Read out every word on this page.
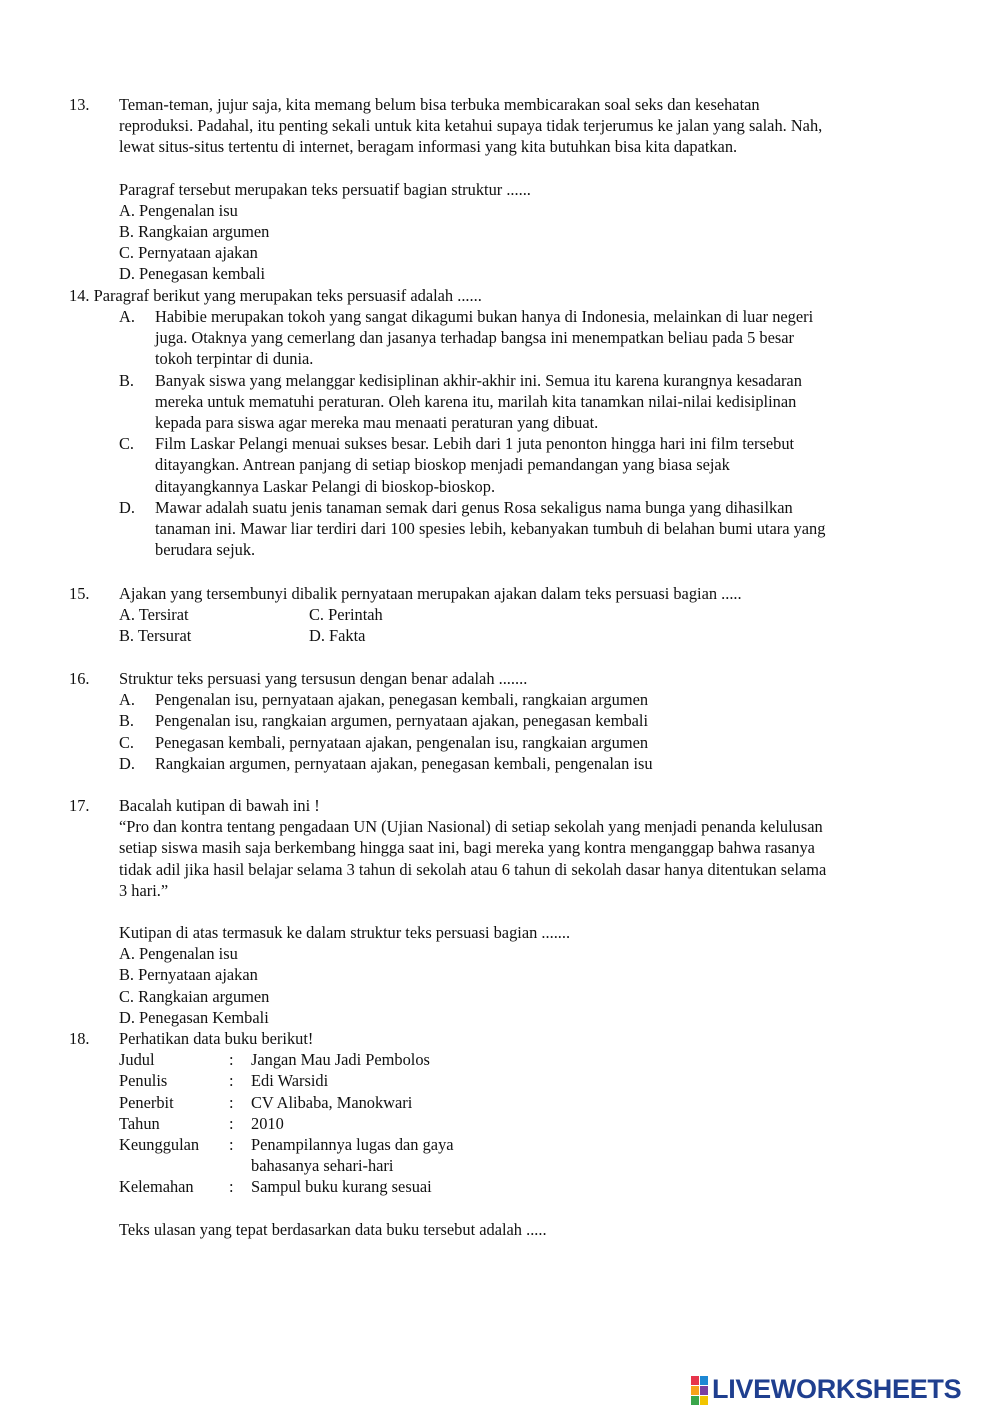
13. Teman-teman, jujur saja, kita memang belum bisa terbuka membicarakan soal seks dan kesehatan
reproduksi. Padahal, itu penting sekali untuk kita ketahui supaya tidak terjerumus ke jalan yang salah. Nah,
lewat situs-situs tertentu di internet, beragam informasi yang kita butuhkan bisa kita dapatkan.
Paragraf tersebut merupakan teks persuatif bagian struktur ......
A. Pengenalan isu
B. Rangkaian argumen
C. Pernyataan ajakan
D. Penegasan kembali
14. Paragraf berikut yang merupakan teks persuasif adalah ......
A.	Habibie merupakan tokoh yang sangat dikagumi bukan hanya di Indonesia, melainkan di luar negeri
juga. Otaknya yang cemerlang dan jasanya terhadap bangsa ini menempatkan beliau pada 5 besar
tokoh terpintar di dunia.
B.	Banyak siswa yang melanggar kedisiplinan akhir-akhir ini. Semua itu karena kurangnya kesadaran
mereka untuk mematuhi peraturan. Oleh karena itu, marilah kita tanamkan nilai-nilai kedisiplinan
kepada para siswa agar mereka mau menaati peraturan yang dibuat.
C.	Film Laskar Pelangi menuai sukses besar. Lebih dari 1 juta penonton hingga hari ini film tersebut
ditayangkan. Antrean panjang di setiap bioskop menjadi pemandangan yang biasa sejak
ditayangkannya Laskar Pelangi di bioskop-bioskop.
D.	Mawar adalah suatu jenis tanaman semak dari genus Rosa sekaligus nama bunga yang dihasilkan
tanaman ini. Mawar liar terdiri dari 100 spesies lebih, kebanyakan tumbuh di belahan bumi utara yang
berudara sejuk.
15. Ajakan yang tersembunyi dibalik pernyataan merupakan ajakan dalam teks persuasi bagian .....
A. Tersirat	C. Perintah
B. Tersurat	D. Fakta
16. Struktur teks persuasi yang tersusun dengan benar adalah .......
A.	Pengenalan isu, pernyataan ajakan, penegasan kembali, rangkaian argumen
B.	Pengenalan isu, rangkaian argumen, pernyataan ajakan, penegasan kembali
C.	Penegasan kembali, pernyataan ajakan, pengenalan isu, rangkaian argumen
D.	Rangkaian argumen, pernyataan ajakan, penegasan kembali, pengenalan isu
17. Bacalah kutipan di bawah ini !
“Pro dan kontra tentang pengadaan UN (Ujian Nasional) di setiap sekolah yang menjadi penanda kelulusan
setiap siswa masih saja berkembang hingga saat ini, bagi mereka yang kontra menganggap bahwa rasanya
tidak adil jika hasil belajar selama 3 tahun di sekolah atau 6 tahun di sekolah dasar hanya ditentukan selama
3 hari.”
Kutipan di atas termasuk ke dalam struktur teks persuasi bagian .......
A. Pengenalan isu
B. Pernyataan ajakan
C. Rangkaian argumen
D. Penegasan Kembali
18. Perhatikan data buku berikut!
Judul	:	Jangan Mau Jadi Pembolos
Penulis	:	Edi Warsidi
Penerbit	:	CV Alibaba, Manokwari
Tahun	:	2010
Keunggulan	:	Penampilannya lugas dan gaya
bahasanya sehari-hari
Kelemahan	:	Sampul buku kurang sesuai
Teks ulasan yang tepat berdasarkan data buku tersebut adalah .....
LIVEWORKSHEETS
